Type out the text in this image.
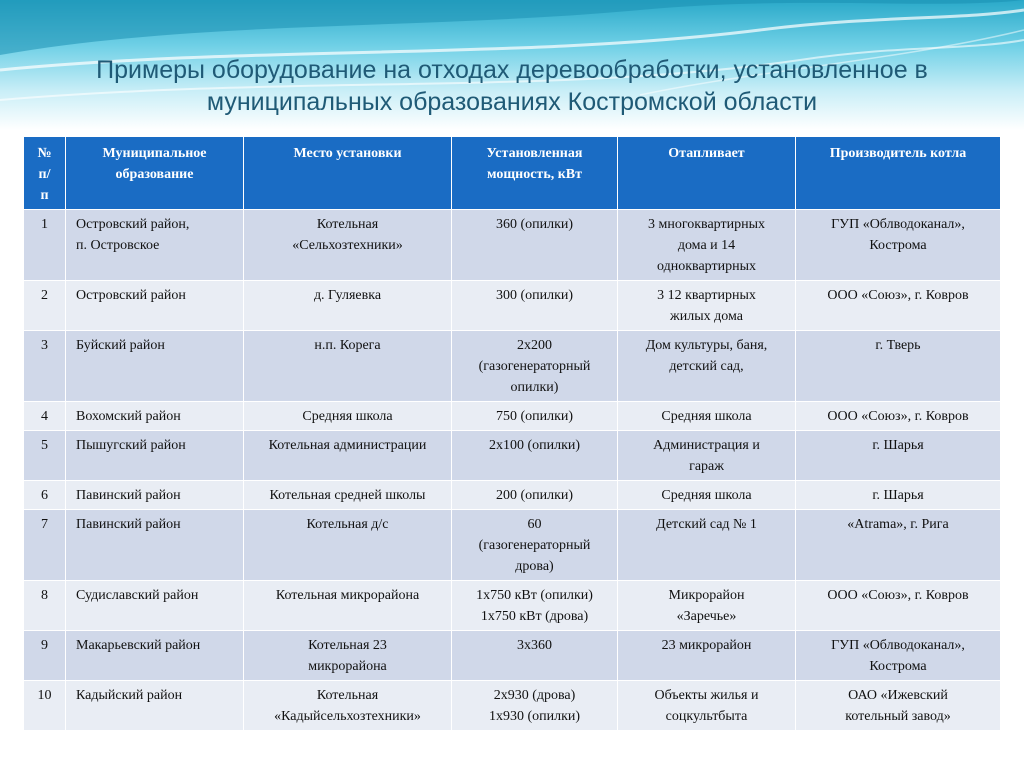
Примеры оборудование на отходах деревообработки, установленное в муниципальных образованиях Костромской области
№
п/
п	Муниципальное
образование	Место установки	Установленная
мощность, кВт	Отапливает	Производитель котла
1	Островский район,
п. Островское	Котельная
«Сельхозтехники»	360 (опилки)	3 многоквартирных
дома и 14
одноквартирных	ГУП «Облводоканал»,
Кострома
2	Островский район	д. Гуляевка	300 (опилки)	3 12 квартирных
жилых дома	ООО «Союз», г. Ковров
3	Буйский район	н.п. Корега	2х200
(газогенераторный
опилки)	Дом культуры, баня,
детский сад,	г. Тверь
4	Вохомский район	Средняя школа	750 (опилки)	Средняя школа	ООО «Союз», г. Ковров
5	Пышугский район	Котельная администрации	2х100 (опилки)	Администрация и
гараж	г. Шарья
6	Павинский район	Котельная средней школы	200 (опилки)	Средняя школа	г. Шарья
7	Павинский район	Котельная д/с	60
(газогенераторный
дрова)	Детский сад № 1	«Atrama», г. Рига
8	Судиславский район	Котельная микрорайона	1х750 кВт (опилки)
1х750 кВт (дрова)	Микрорайон
«Заречье»	ООО «Союз», г. Ковров
9	Макарьевский район	Котельная 23
микрорайона	3х360	23 микрорайон	ГУП «Облводоканал»,
Кострома
10	Кадыйский район	Котельная
«Кадыйсельхозтехники»	2х930 (дрова)
1х930 (опилки)	Объекты жилья и
соцкультбыта	ОАО «Ижевский
котельный завод»
